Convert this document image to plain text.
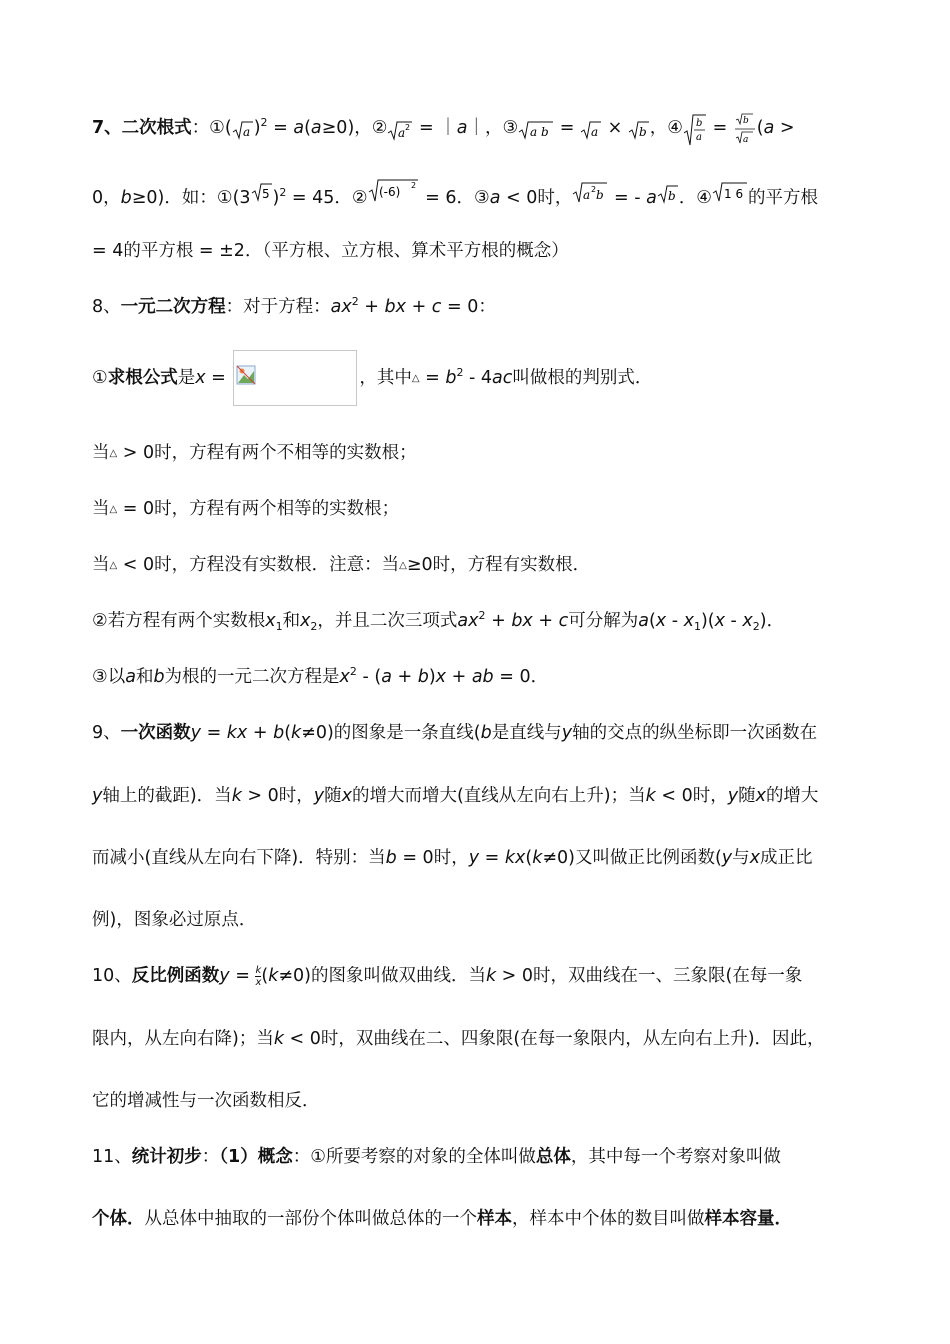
7、二次根式：①( a )$^2$ = a(a≥0)，② a 2 = ｜a｜，③ a b = a × b ，④ b
a = b
a
(a >
0，b≥0)．如：①(3 5 )$^2$ = 45．② (-6) 2
= 6．③a < 0时， a 2 b = - a b ．④ 1 6 的平方根
= 4的平方根 = ±2．（平方根、立方根、算术平方根的概念）
8、一元二次方程：对于方程：$ax^2$ + bx + c = 0：
①求根公式是x =	，其中△ = $b^2 - 4ac$叫做根的判别式．
当△ > 0时，方程有两个不相等的实数根；
当△ = 0时，方程有两个相等的实数根；
当△ < 0时，方程没有实数根．注意：当△≥0时，方程有实数根．
②若方程有两个实数根$x_1$和$x_2$，并且二次三项式$ax^2$ + bx + c可分解为$a(x - x_1)(x - x_2)$．
③以a和b为根的一元二次方程是$x^2 - (a + b)x$ + ab = 0．
9、一次函数y = kx + b(k≠0)的图象是一条直线(b是直线与y轴的交点的纵坐标即一次函数在
y轴上的截距)．当k > 0时，y随x的增大而增大(直线从左向右上升)；当k < 0时，y随x的增大
而减小(直线从左向右下降)．特别：当b = 0时，y = kx(k≠0)又叫做正比例函数(y与x成正比
例)，图象必过原点．
10、反比例函数$y = \frac{k}{x} (k\ne 0)$的图象叫做双曲线．当k > 0时，双曲线在一、三象限(在每一象
限内，从左向右降)；当k < 0时，双曲线在二、四象限(在每一象限内，从左向右上升)．因此，
它的增减性与一次函数相反．
11、统计初步：（1）概念：①所要考察的对象的全体叫做总体，其中每一个考察对象叫做
个体．从总体中抽取的一部份个体叫做总体的一个样本，样本中个体的数目叫做样本容量．
